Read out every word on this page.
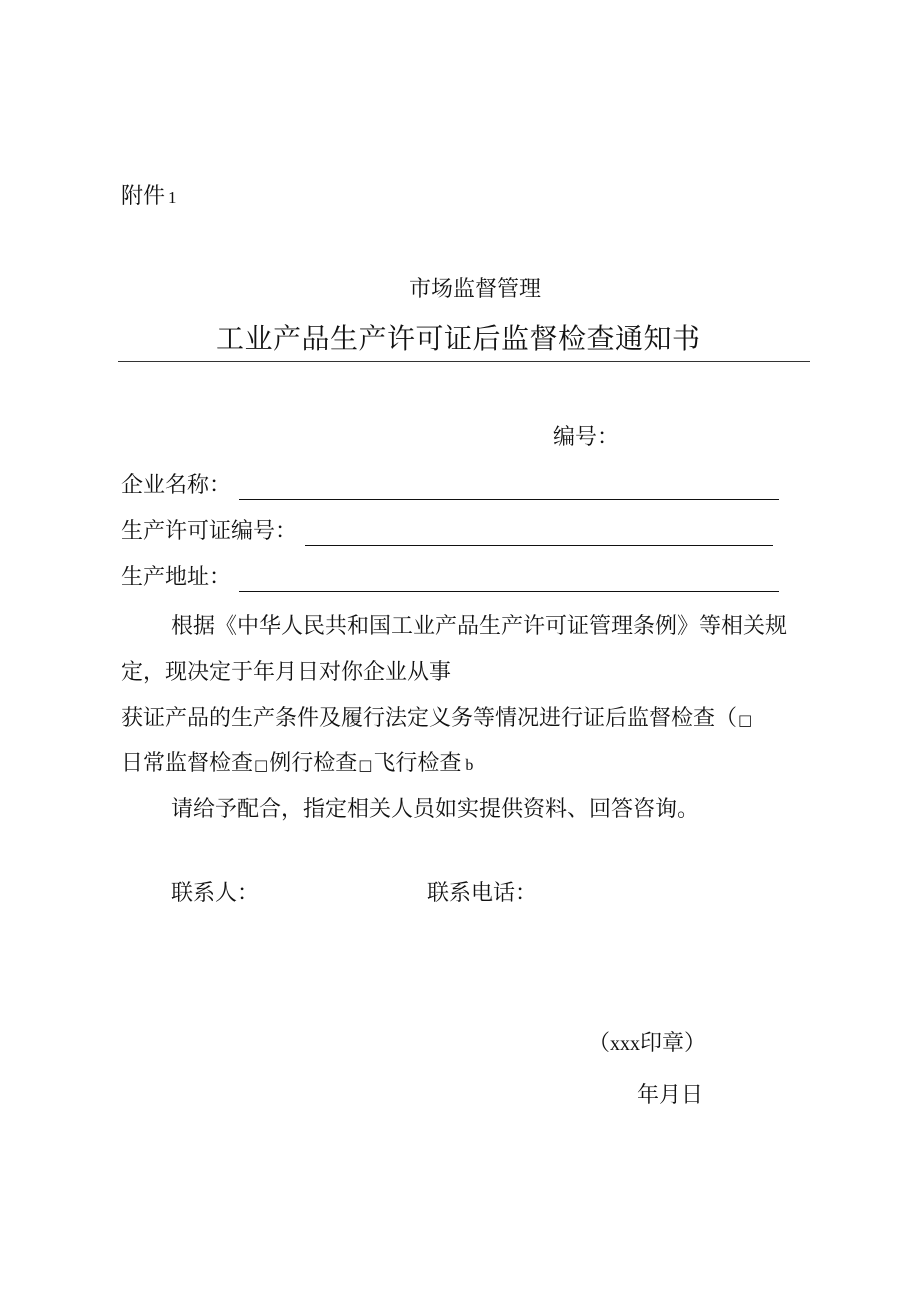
附件 1
市场监督管理
工业产品生产许可证后监督检查通知书
编号：
企业名称：
生产许可证编号：
生产地址：
根据《中华人民共和国工业产品生产许可证管理条例》等相关规
定，现决定于年月日对你企业从事
获证产品的生产条件及履行法定义务等情况进行证后监督检查（□
日常监督检查□例行检查□飞行检查 b
请给予配合，指定相关人员如实提供资料、回答咨询。
联系人：	联系电话：
（xxx印章）
年月日
